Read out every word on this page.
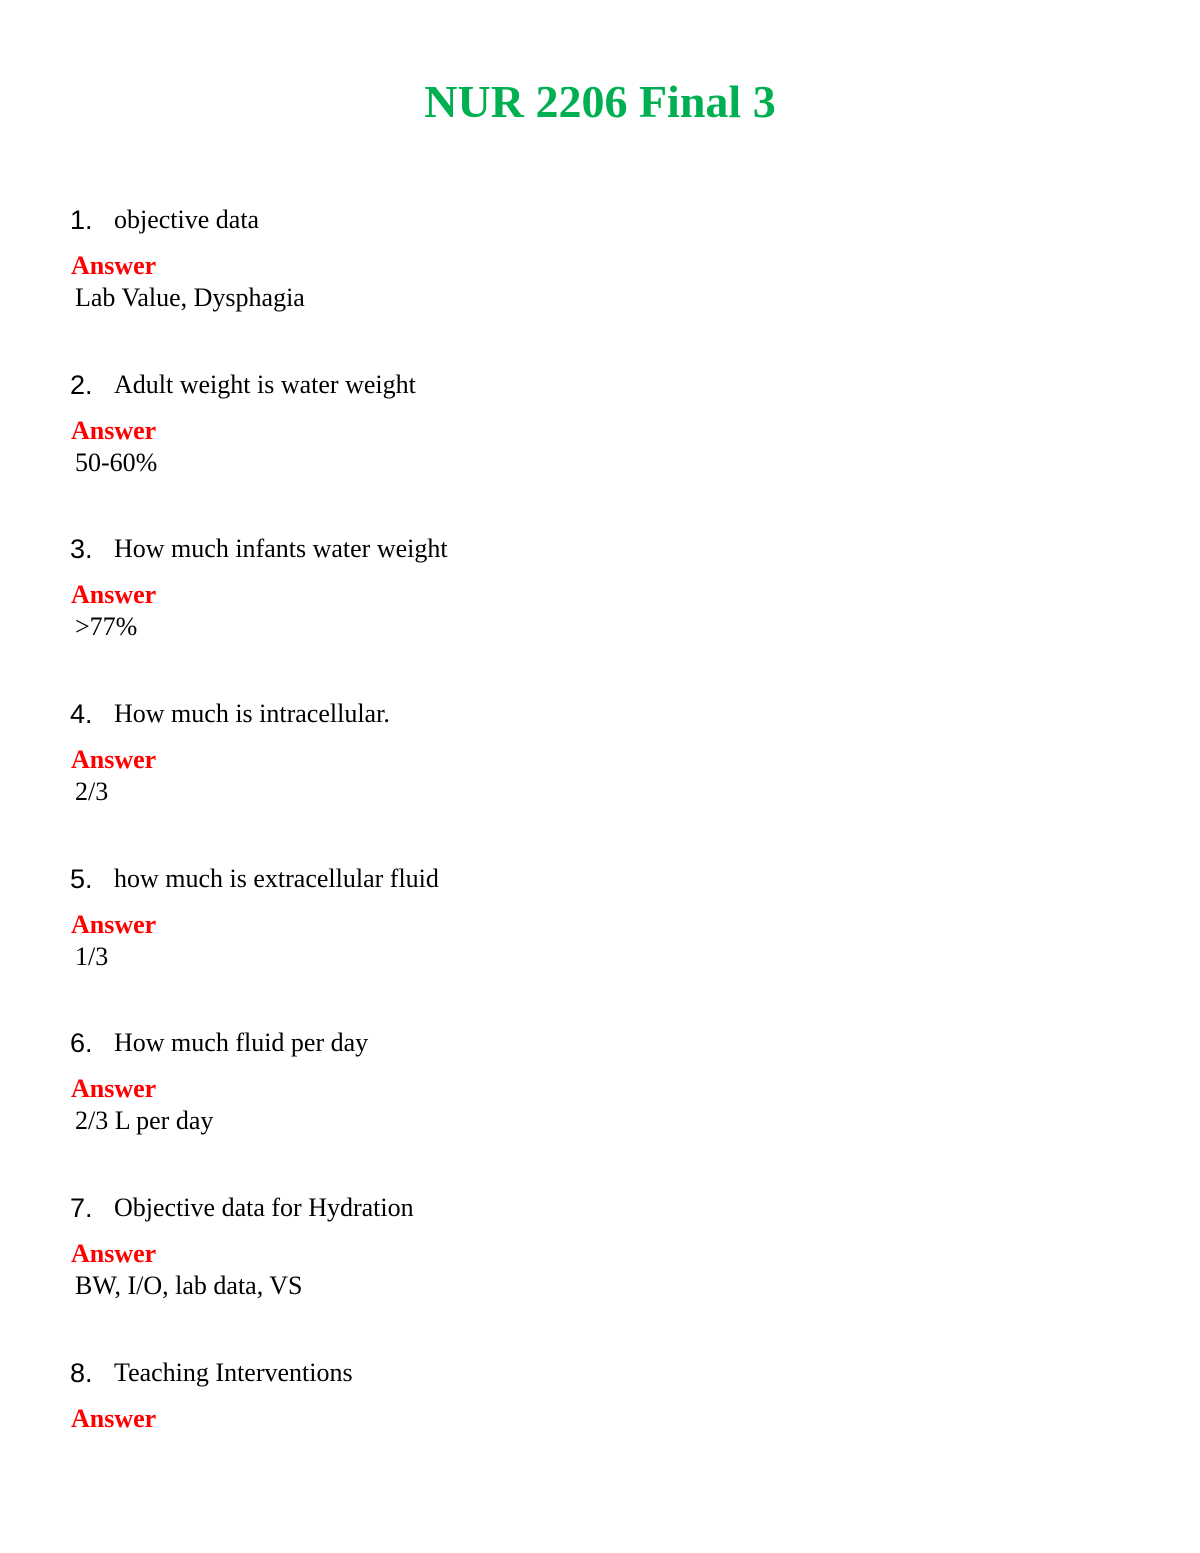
NUR 2206 Final 3
1. objective data
Answer
Lab Value, Dysphagia
2. Adult weight is water weight
Answer
50-60%
3. How much infants water weight
Answer
>77%
4. How much is intracellular.
Answer
2/3
5. how much is extracellular fluid
Answer
1/3
6. How much fluid per day
Answer
2/3 L per day
7. Objective data for Hydration
Answer
BW, I/O, lab data, VS
8. Teaching Interventions
Answer
